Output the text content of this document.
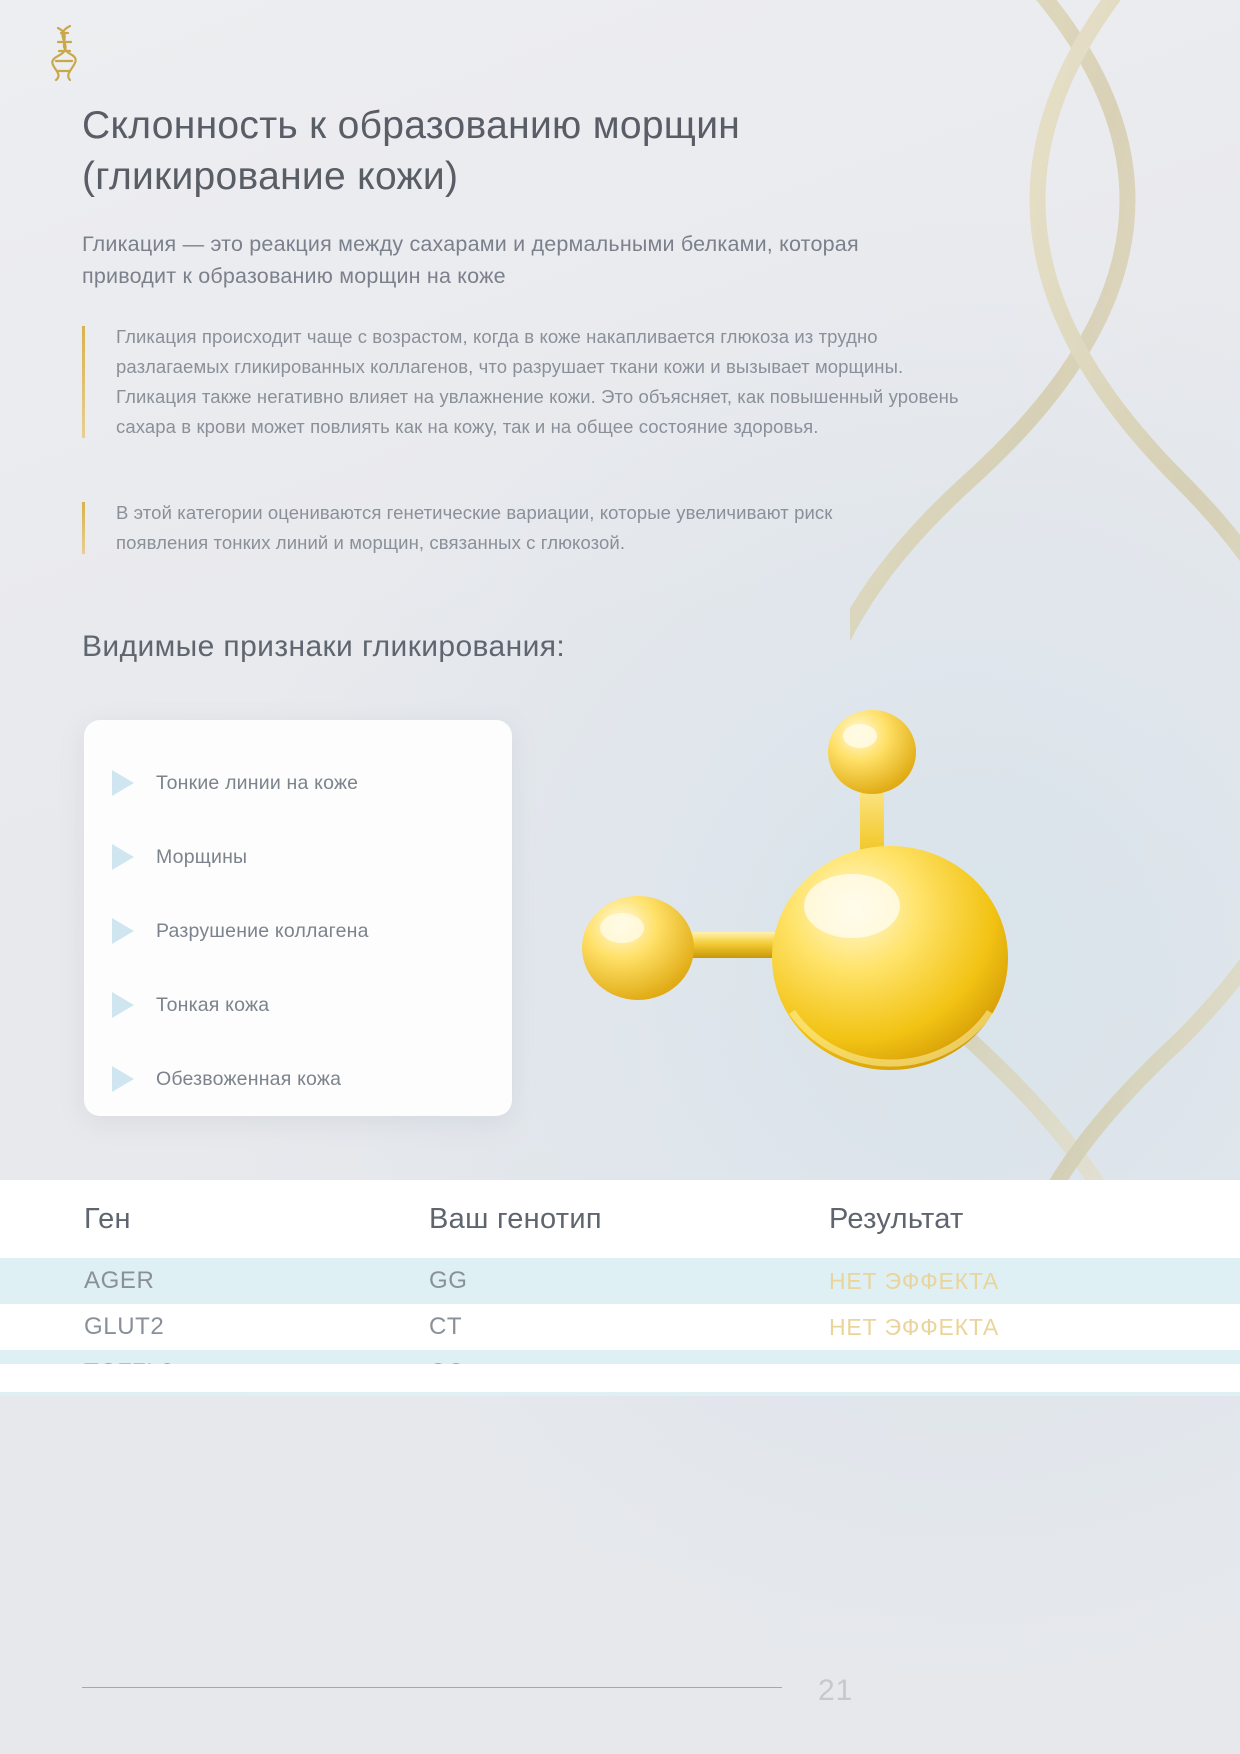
Склонность к образованию морщин (гликирование кожи)

Гликация — это реакция между сахарами и дермальными белками, которая приводит к образованию морщин на коже

Гликация происходит чаще с возрастом, когда в коже накапливается глюкоза из трудно разлагаемых гликированных коллагенов, что разрушает ткани кожи и вызывает морщины. Гликация также негативно влияет на увлажнение кожи. Это объясняет, как повышенный уровень сахара в крови может повлиять как на кожу, так и на общее состояние здоровья.

В этой категории оцениваются генетические вариации, которые увеличивают риск появления тонких линий и морщин, связанных с глюкозой.

Видимые признаки гликирования:
Тонкие линии на коже
Морщины
Разрушение коллагена
Тонкая кожа
Обезвоженная кожа
Ген	Ваш генотип	Результат
AGER	GG	НЕТ ЭФФЕКТА
GLUT2	CT	НЕТ ЭФФЕКТА
21
